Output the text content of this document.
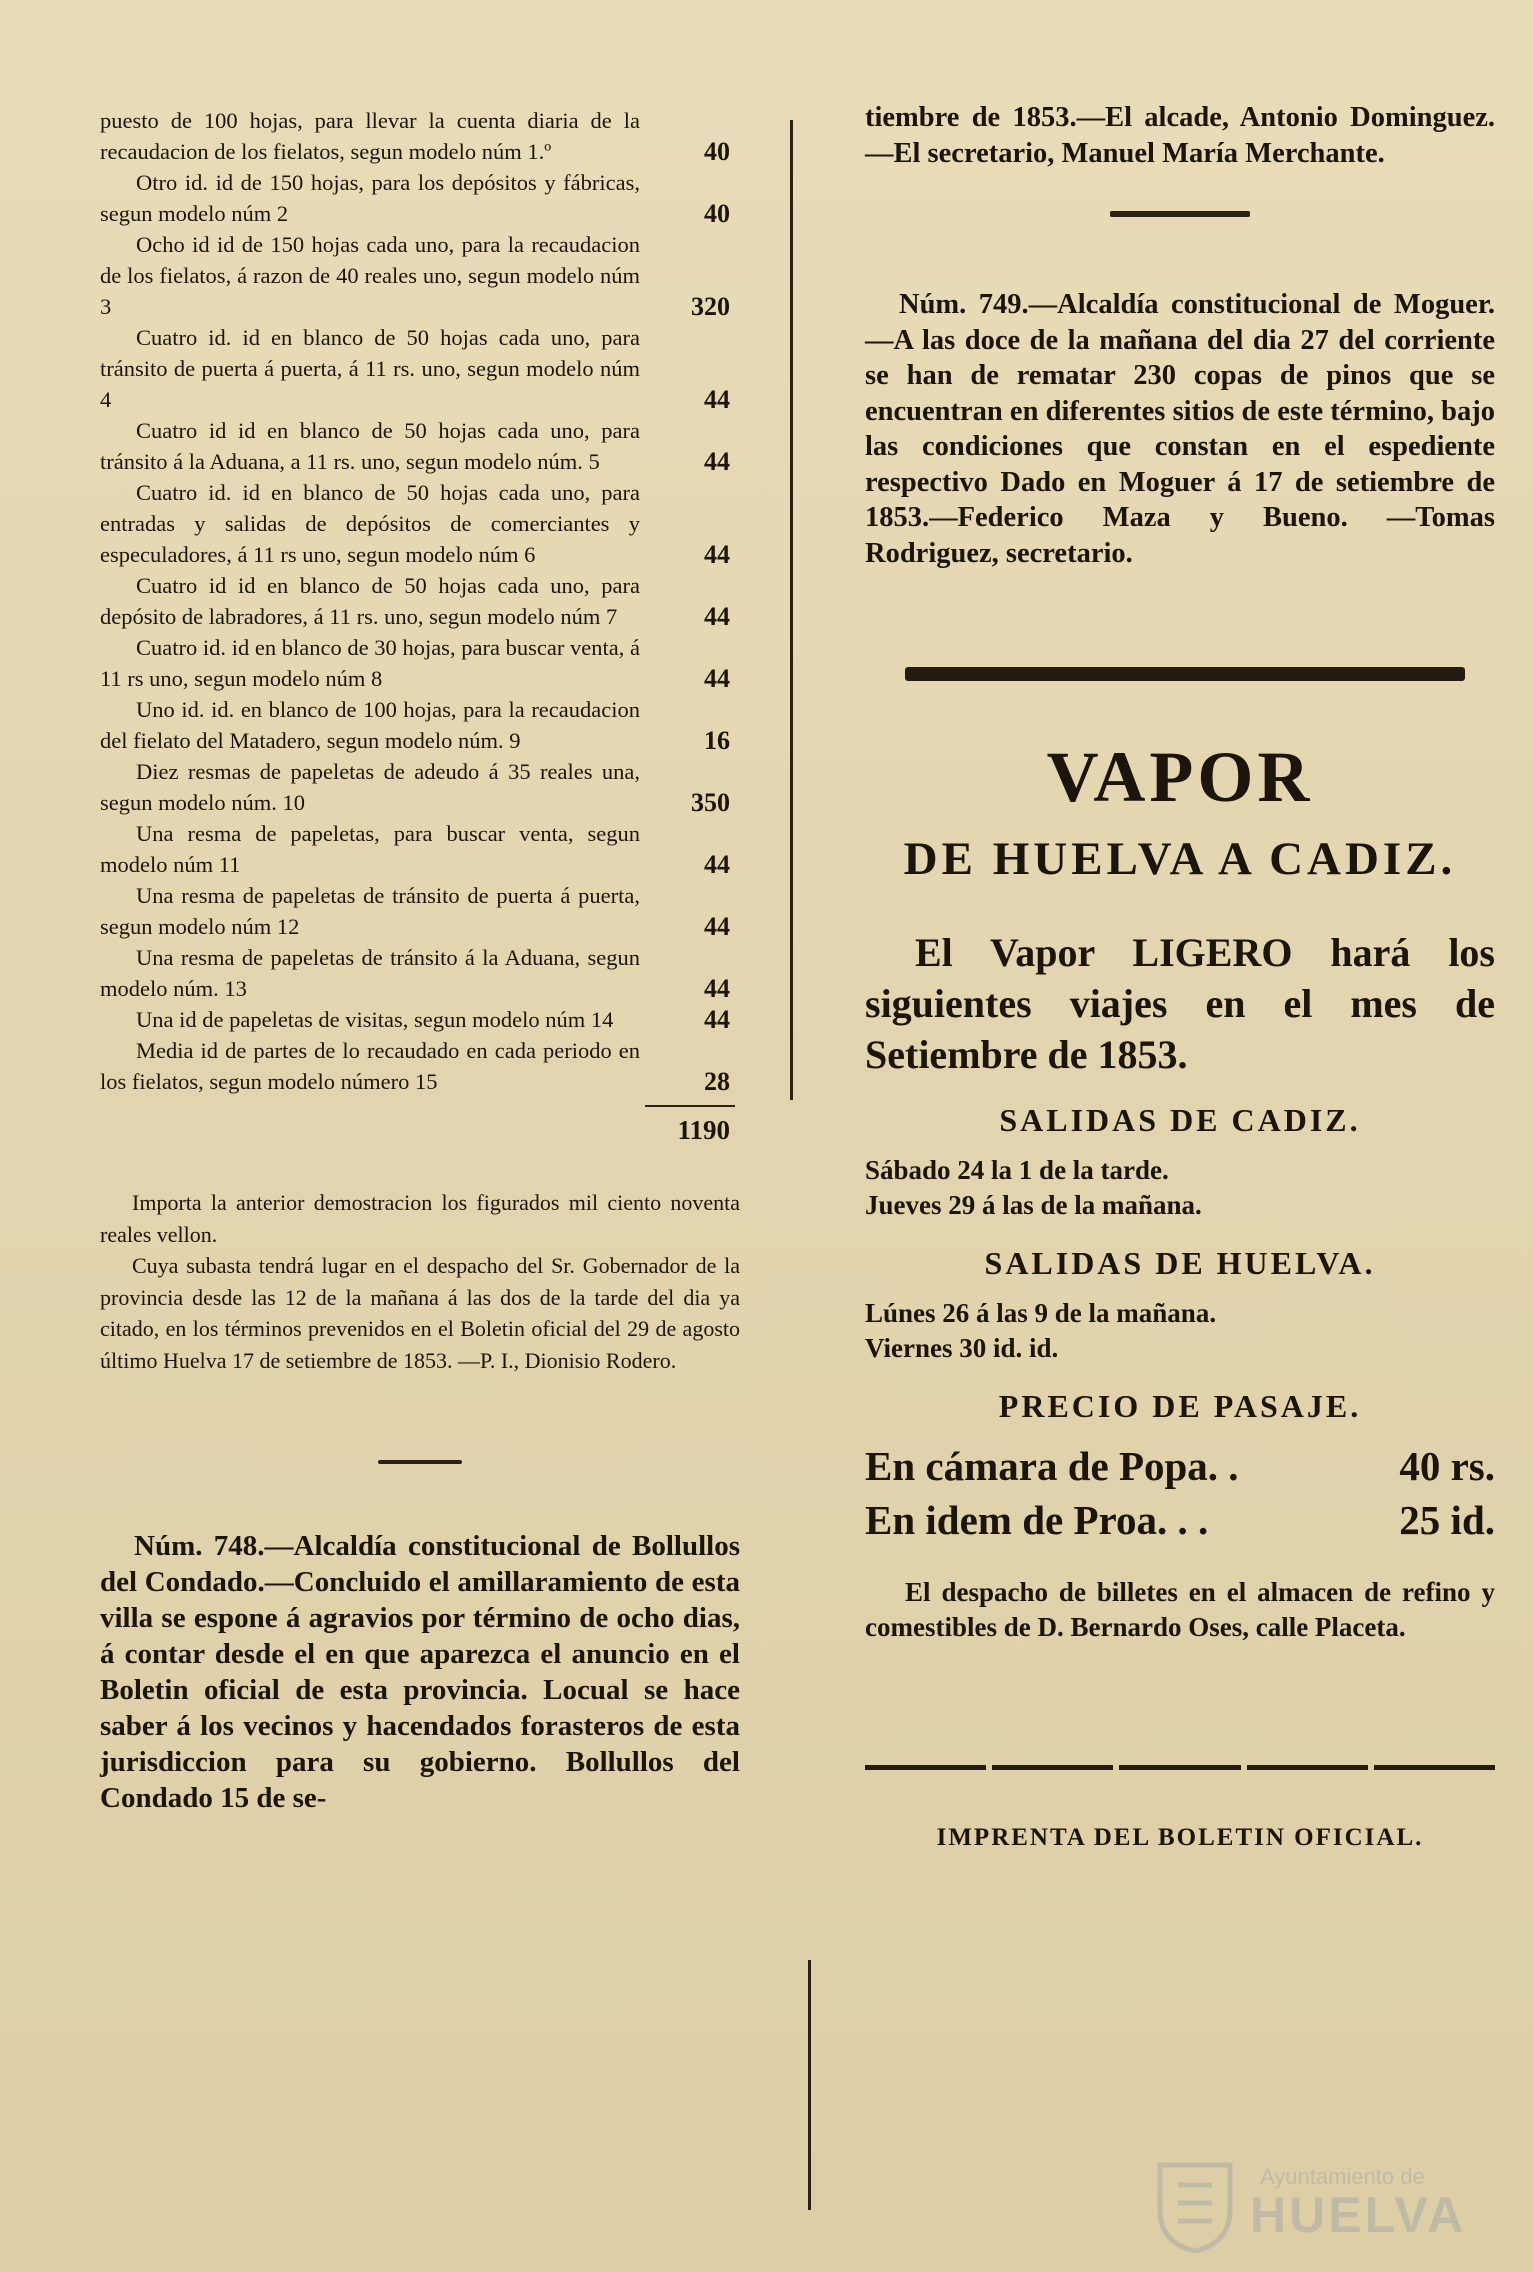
puesto de 100 hojas, para llevar la cuenta diaria de la recaudacion de los fielatos, segun modelo núm 1.º	40
Otro id. id de 150 hojas, para los depósitos y fábricas, segun modelo núm 2	40
Ocho id id de 150 hojas cada uno, para la recaudacion de los fielatos, á razon de 40 reales uno, segun modelo núm 3	320
Cuatro id. id en blanco de 50 hojas cada uno, para tránsito de puerta á puerta, á 11 rs. uno, segun modelo núm 4	44
Cuatro id id en blanco de 50 hojas cada uno, para tránsito á la Aduana, a 11 rs. uno, segun modelo núm. 5	44
Cuatro id. id en blanco de 50 hojas cada uno, para entradas y salidas de depósitos de comerciantes y especuladores, á 11 rs uno, segun modelo núm 6	44
Cuatro id id en blanco de 50 hojas cada uno, para depósito de labradores, á 11 rs. uno, segun modelo núm 7	44
Cuatro id. id en blanco de 30 hojas, para buscar venta, á 11 rs uno, segun modelo núm 8	44
Uno id. id. en blanco de 100 hojas, para la recaudacion del fielato del Matadero, segun modelo núm. 9	16
Diez resmas de papeletas de adeudo á 35 reales una, segun modelo núm. 10	350
Una resma de papeletas, para buscar venta, segun modelo núm 11	44
Una resma de papeletas de tránsito de puerta á puerta, segun modelo núm 12	44
Una resma de papeletas de tránsito á la Aduana, segun modelo núm. 13	44
Una id de papeletas de visitas, segun modelo núm 14	44
Media id de partes de lo recaudado en cada periodo en los fielatos, segun modelo número 15	28
1190

Importa la anterior demostracion los figurados mil ciento noventa reales vellon.

Cuya subasta tendrá lugar en el despacho del Sr. Gobernador de la provincia desde las 12 de la mañana á las dos de la tarde del dia ya citado, en los términos prevenidos en el Boletin oficial del 29 de agosto último Huelva 17 de setiembre de 1853. —P. I., Dionisio Rodero.

Núm. 748.—Alcaldía constitucional de Bollullos del Condado.—Concluido el amillaramiento de esta villa se espone á agravios por término de ocho dias, á contar desde el en que aparezca el anuncio en el Boletin oficial de esta provincia. Locual se hace saber á los vecinos y hacendados forasteros de esta jurisdiccion para su gobierno. Bollullos del Condado 15 de se-

tiembre de 1853.—El alcade, Antonio Dominguez.—El secretario, Manuel María Merchante.

Núm. 749.—Alcaldía constitucional de Moguer.—A las doce de la mañana del dia 27 del corriente se han de rematar 230 copas de pinos que se encuentran en diferentes sitios de este término, bajo las condiciones que constan en el espediente respectivo Dado en Moguer á 17 de setiembre de 1853.—Federico Maza y Bueno. —Tomas Rodriguez, secretario.

VAPOR

DE HUELVA A CADIZ.

El Vapor LIGERO hará los siguientes viajes en el mes de Setiembre de 1853.

SALIDAS DE CADIZ.

Sábado 24 la 1 de la tarde.

Jueves 29 á las de la mañana.

SALIDAS DE HUELVA.

Lúnes 26 á las 9 de la mañana.

Viernes 30 id. id.

PRECIO DE PASAJE.

En cámara de Popa. .	40 rs.

En idem de Proa. . .	25 id.

El despacho de billetes en el almacen de refino y comestibles de D. Bernardo Oses, calle Placeta.

IMPRENTA DEL BOLETIN OFICIAL.

Ayuntamiento de
HUELVA
